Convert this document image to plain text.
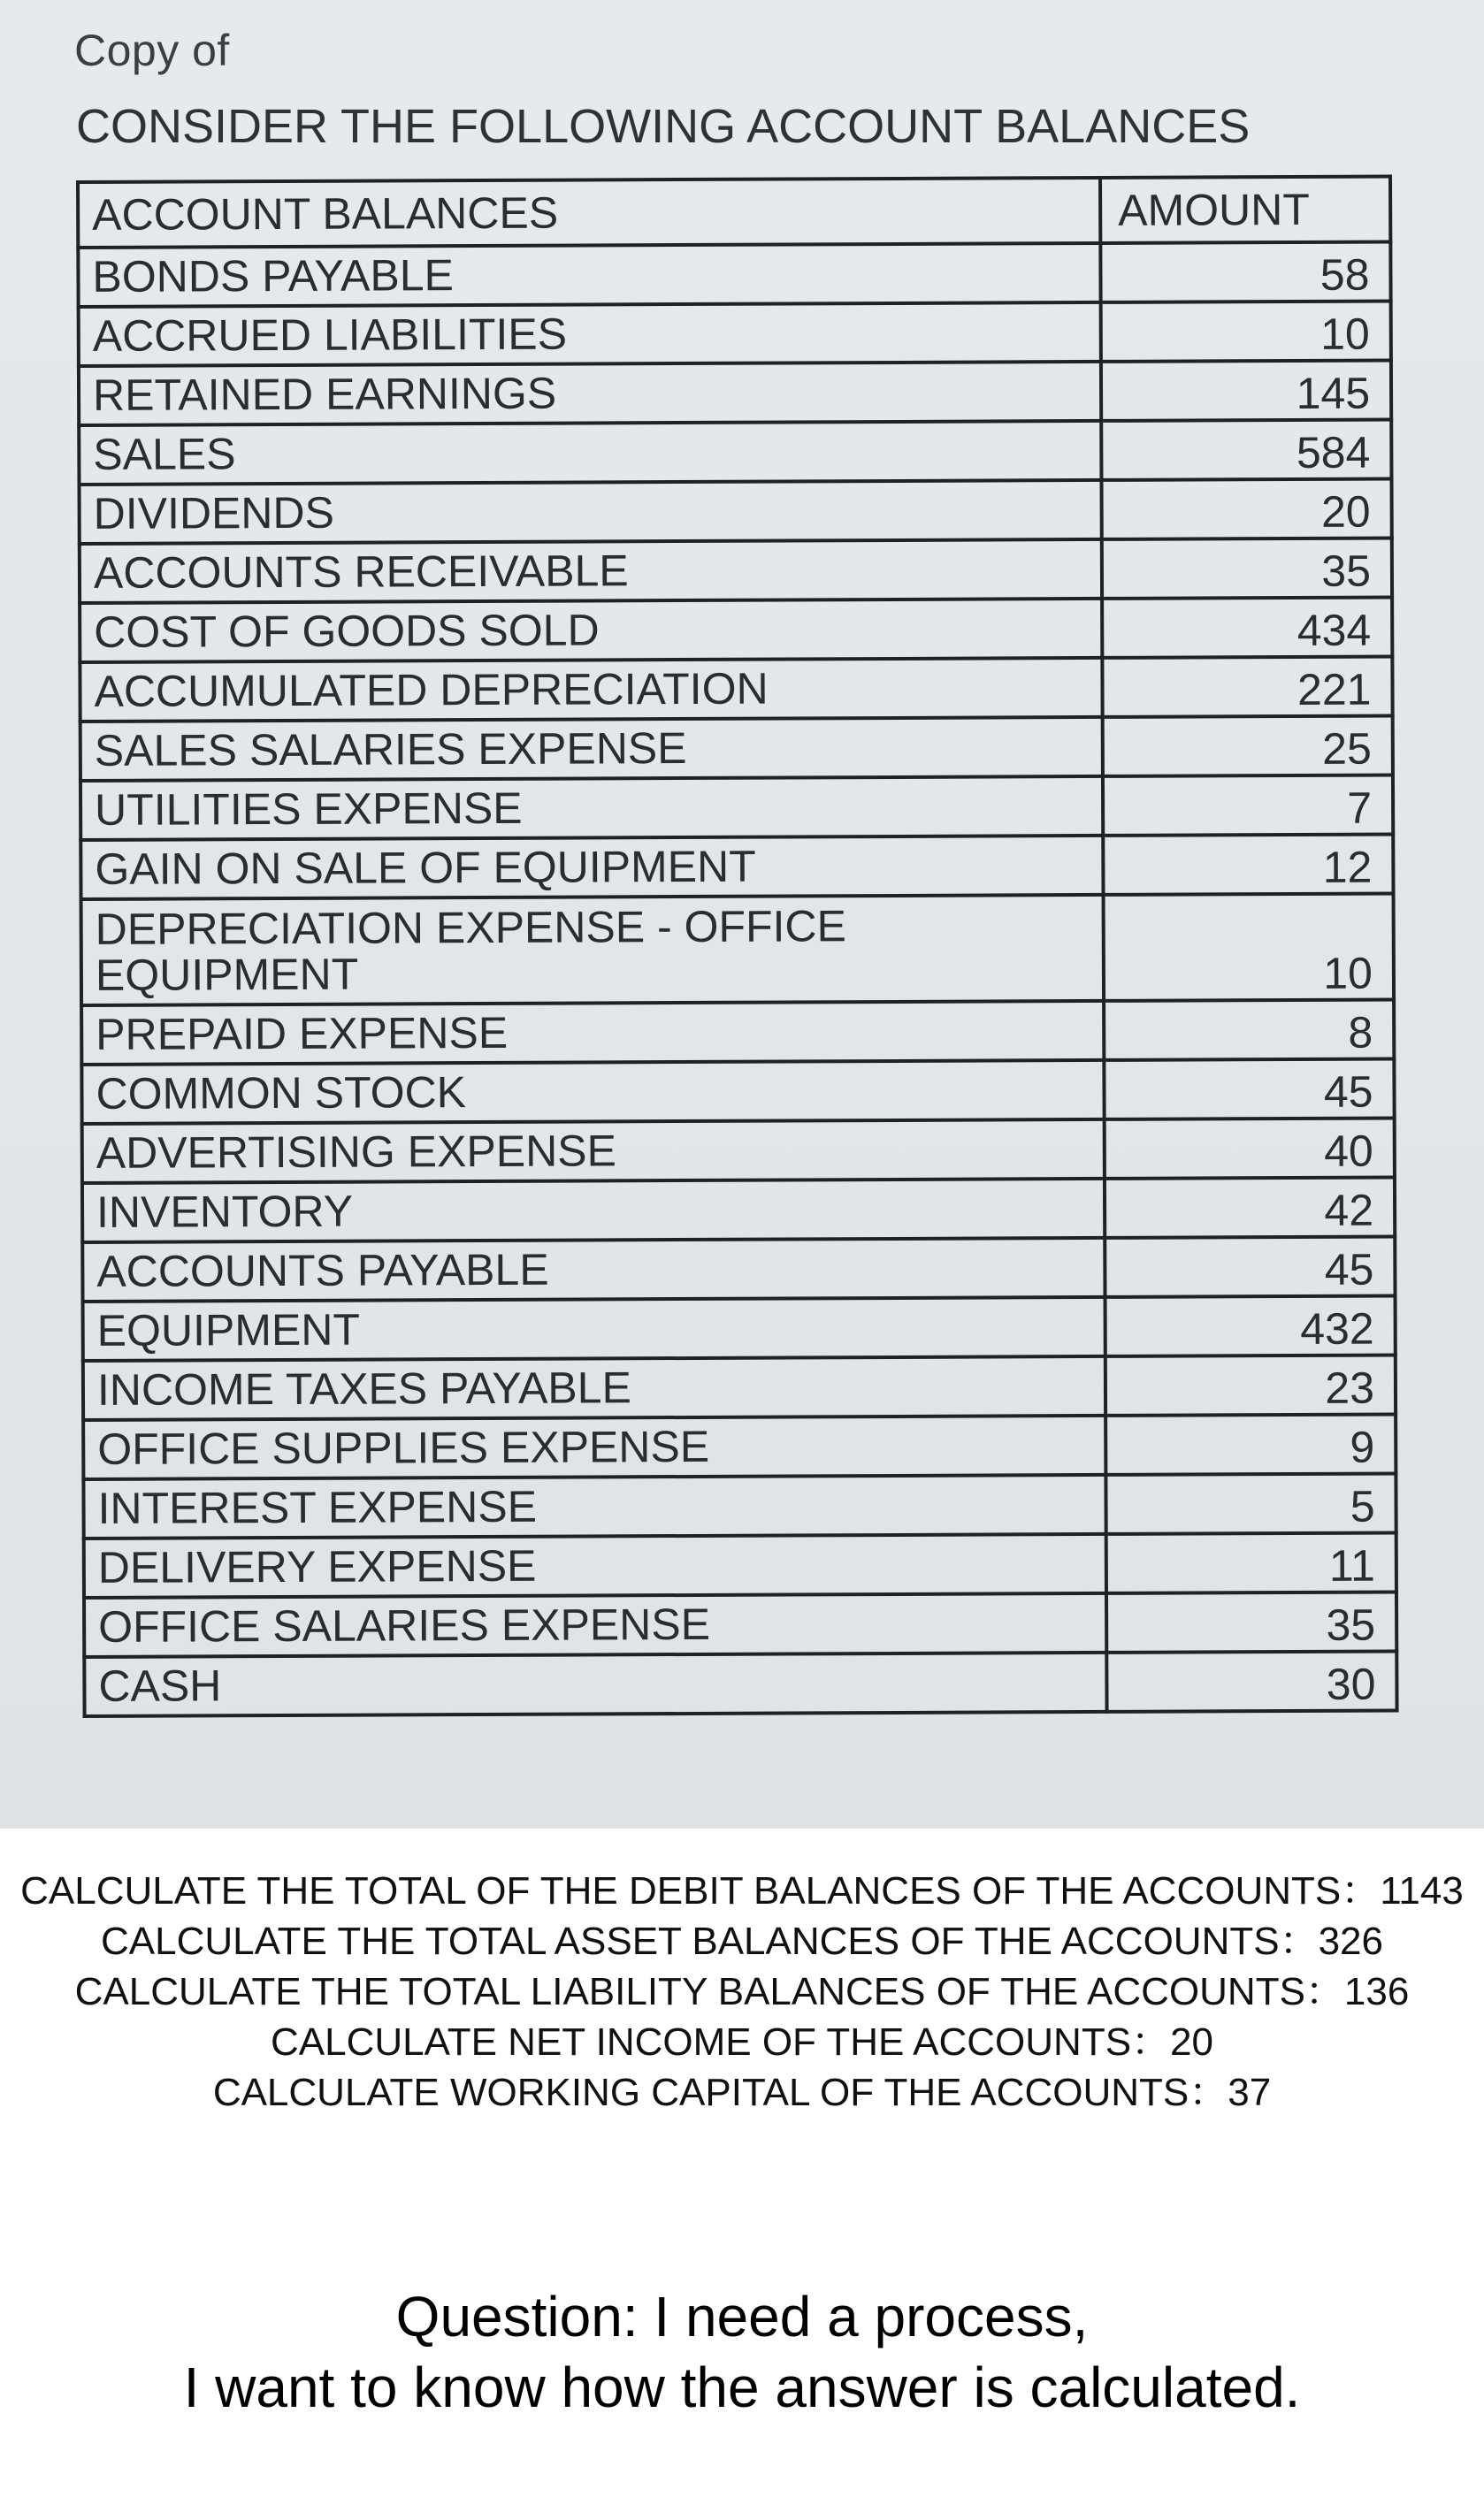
Copy of
CONSIDER THE FOLLOWING ACCOUNT BALANCES
ACCOUNT BALANCES	AMOUNT
BONDS PAYABLE	58
ACCRUED LIABILITIES	10
RETAINED EARNINGS	145
SALES	584
DIVIDENDS	20
ACCOUNTS RECEIVABLE	35
COST OF GOODS SOLD	434
ACCUMULATED DEPRECIATION	221
SALES SALARIES EXPENSE	25
UTILITIES EXPENSE	7
GAIN ON SALE OF EQUIPMENT	12
DEPRECIATION EXPENSE - OFFICE EQUIPMENT	10
PREPAID EXPENSE	8
COMMON STOCK	45
ADVERTISING EXPENSE	40
INVENTORY	42
ACCOUNTS PAYABLE	45
EQUIPMENT	432
INCOME TAXES PAYABLE	23
OFFICE SUPPLIES EXPENSE	9
INTEREST EXPENSE	5
DELIVERY EXPENSE	11
OFFICE SALARIES EXPENSE	35
CASH	30
CALCULATE THE TOTAL OF THE DEBIT BALANCES OF THE ACCOUNTS：1143
CALCULATE THE TOTAL ASSET BALANCES OF THE ACCOUNTS：326
CALCULATE THE TOTAL LIABILITY BALANCES OF THE ACCOUNTS：136
CALCULATE NET INCOME OF THE ACCOUNTS：20
CALCULATE WORKING CAPITAL OF THE ACCOUNTS：37
Question: I need a process,
I want to know how the answer is calculated.
